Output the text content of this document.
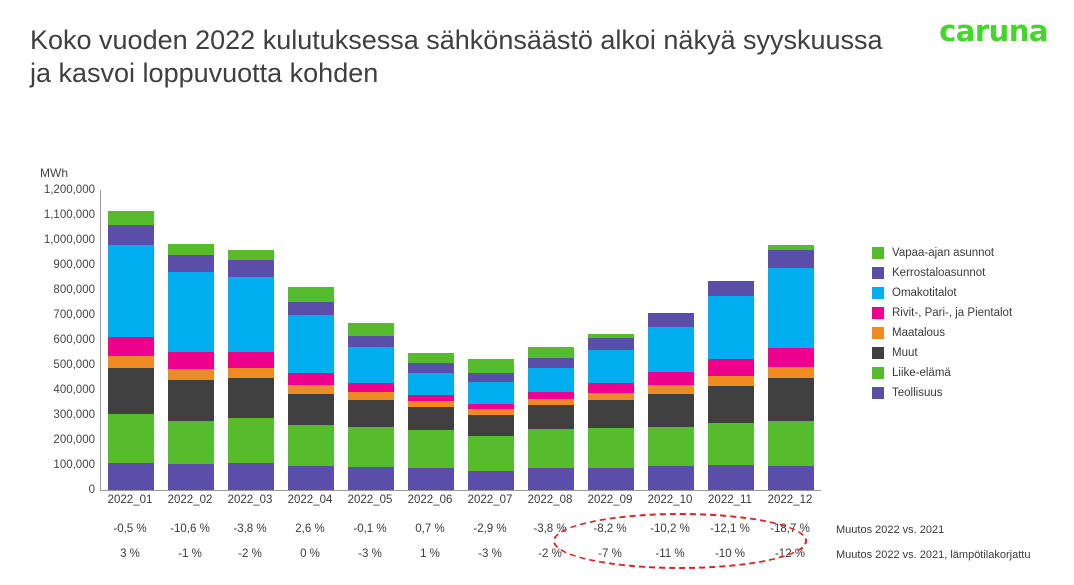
caruna
Koko vuoden 2022 kulutuksessa sähkönsäästö alkoi näkyä syyskuussa ja kasvoi loppuvuotta kohden
MWh
0
100,000
200,000
300,000
400,000
500,000
600,000
700,000
800,000
900,000
1,000,000
1,100,000
1,200,000
2022_01	2022_02	2022_03	2022_04	2022_05	2022_06	2022_07	2022_08	2022_09	2022_10	2022_11	2022_12
-0,5 %	-10,6 %	-3,8 %	2,6 %	-0,1 %	0,7 %	-2,9 %	-3,8 %	-8,2 %	-10,2 %	-12,1 %	-18,7 %
3 %	-1 %	-2 %	0 %	-3 %	1 %	-3 %	-2 %	-7 %	-11 %	-10 %	-12 %
Muutos 2022 vs. 2021
Muutos 2022 vs. 2021, lämpötilakorjattu
Vapaa-ajan asunnot
Kerrostaloasunnot
Omakotitalot
Rivit-, Pari-, ja Pientalot
Maatalous
Muut
Liike-elämä
Teollisuus
